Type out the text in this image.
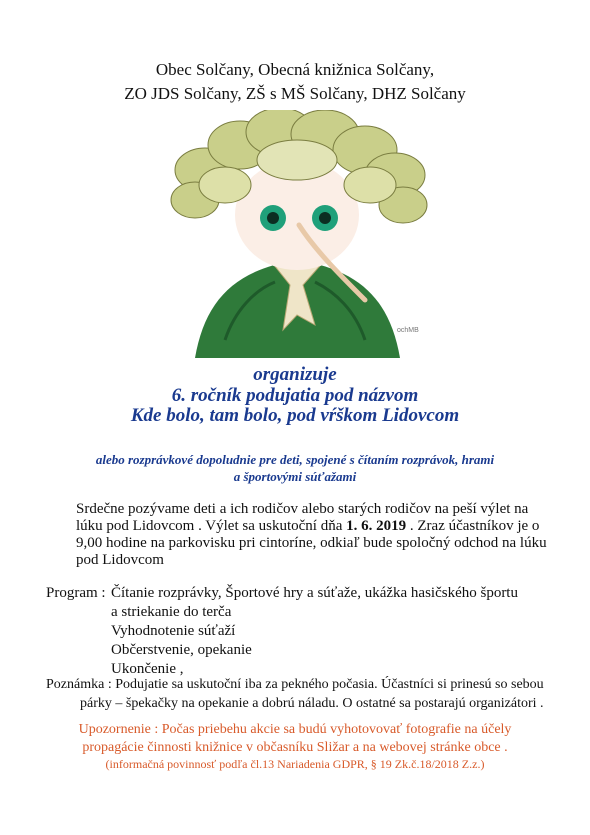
Obec Solčany, Obecná knižnica Solčany,
ZO JDS Solčany, ZŠ s MŠ Solčany, DHZ Solčany
ochMB
organizuje
6. ročník podujatia pod názvom
Kde bolo, tam bolo, pod vŕškom Lidovcom
alebo rozprávkové dopoludnie pre deti, spojené s čítaním rozprávok, hrami
a športovými súťažami

Srdečne pozývame deti a ich rodičov alebo starých rodičov na peší výlet na

lúku pod Lidovcom . Výlet sa uskutoční dňa 1. 6. 2019 . Zraz účastníkov je o

9,00 hodine na parkovisku pri cintoríne, odkiaľ bude spoločný odchod na lúku

pod Lidovcom

Program : Čítanie rozprávky, Športové hry a súťaže, ukážka hasičského športu
a striekanie do terča
Vyhodnotenie súťaží
Občerstvenie, opekanie
Ukončenie ,
Poznámka : Podujatie sa uskutoční iba za pekného počasia. Účastníci si prinesú so sebou
párky – špekačky na opekanie a dobrú náladu. O ostatné sa postarajú organizátori .
Upozornenie : Počas priebehu akcie sa budú vyhotovovať fotografie na účely
propagácie činnosti knižnice v občasníku Sližar a na webovej stránke obce .
(informačná povinnosť podľa čl.13 Nariadenia GDPR, § 19 Zk.č.18/2018 Z.z.)
